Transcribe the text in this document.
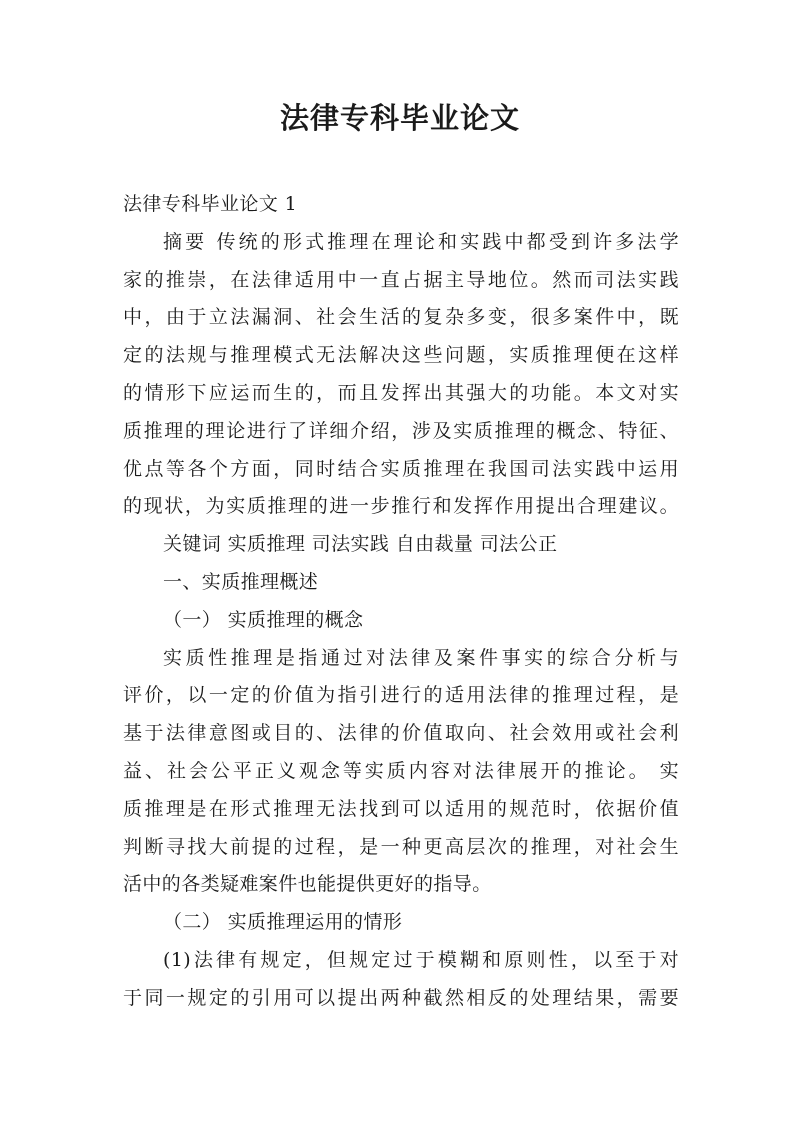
法律专科毕业论文
法律专科毕业论文 1
摘要 传统的形式推理在理论和实践中都受到许多法学
家的推崇，在法律适用中一直占据主导地位。然而司法实践
中，由于立法漏洞、社会生活的复杂多变，很多案件中，既
定的法规与推理模式无法解决这些问题，实质推理便在这样
的情形下应运而生的，而且发挥出其强大的功能。本文对实
质推理的理论进行了详细介绍，涉及实质推理的概念、特征、
优点等各个方面，同时结合实质推理在我国司法实践中运用
的现状，为实质推理的进一步推行和发挥作用提出合理建议。
关键词 实质推理 司法实践 自由裁量 司法公正
一、实质推理概述
（一） 实质推理的概念
实质性推理是指通过对法律及案件事实的综合分析与
评价，以一定的价值为指引进行的适用法律的推理过程，是
基于法律意图或目的、法律的价值取向、社会效用或社会利
益、社会公平正义观念等实质内容对法律展开的推论。 实
质推理是在形式推理无法找到可以适用的规范时，依据价值
判断寻找大前提的过程，是一种更高层次的推理，对社会生
活中的各类疑难案件也能提供更好的指导。
（二） 实质推理运用的情形
(1)法律有规定，但规定过于模糊和原则性，以至于对
于同一规定的引用可以提出两种截然相反的处理结果，需要
